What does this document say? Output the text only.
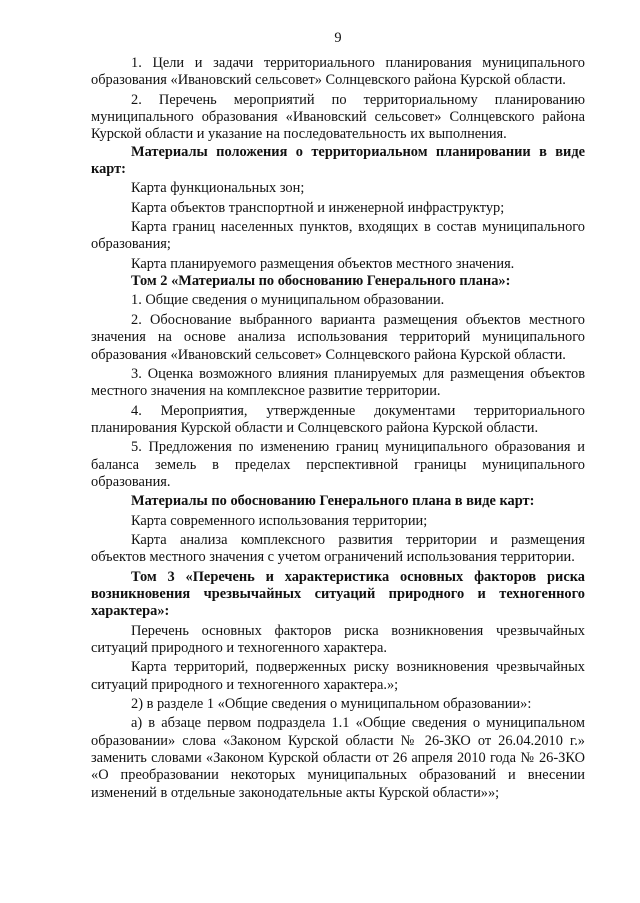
9

1. Цели и задачи территориального планирования муниципального образования «Ивановский сельсовет» Солнцевского района Курской области.

2. Перечень мероприятий по территориальному планированию муниципального образования «Ивановский сельсовет» Солнцевского района Курской области и указание на последовательность их выполнения.

Материалы положения о территориальном планировании в виде карт:

Карта функциональных зон;

Карта объектов транспортной и инженерной инфраструктур;

Карта границ населенных пунктов, входящих в состав муниципального образования;

Карта планируемого размещения объектов местного значения.

Том 2 «Материалы по обоснованию Генерального плана»:

1. Общие сведения о муниципальном образовании.

2. Обоснование выбранного варианта размещения объектов местного значения на основе анализа использования территорий муниципального образования «Ивановский сельсовет» Солнцевского района Курской области.

3. Оценка возможного влияния планируемых для размещения объектов местного значения на комплексное развитие территории.

4. Мероприятия, утвержденные документами территориального планирования Курской области и Солнцевского района Курской области.

5. Предложения по изменению границ муниципального образования и баланса земель в пределах перспективной границы муниципального образования.

Материалы по обоснованию Генерального плана в виде карт:

Карта современного использования территории;

Карта анализа комплексного развития территории и размещения объектов местного значения с учетом ограничений использования территории.

Том 3 «Перечень и характеристика основных факторов риска возникновения чрезвычайных ситуаций природного и техногенного характера»:

Перечень основных факторов риска возникновения чрезвычайных ситуаций природного и техногенного характера.

Карта территорий, подверженных риску возникновения чрезвычайных ситуаций природного и техногенного характера.»;

2) в разделе 1 «Общие сведения о муниципальном образовании»:

а) в абзаце первом подраздела 1.1 «Общие сведения о муниципальном образовании» слова «Законом Курской области № 26-ЗКО от 26.04.2010 г.» заменить словами «Законом Курской области от 26 апреля 2010 года № 26-ЗКО «О преобразовании некоторых муниципальных образований и внесении изменений в отдельные законодательные акты Курской области»»;
